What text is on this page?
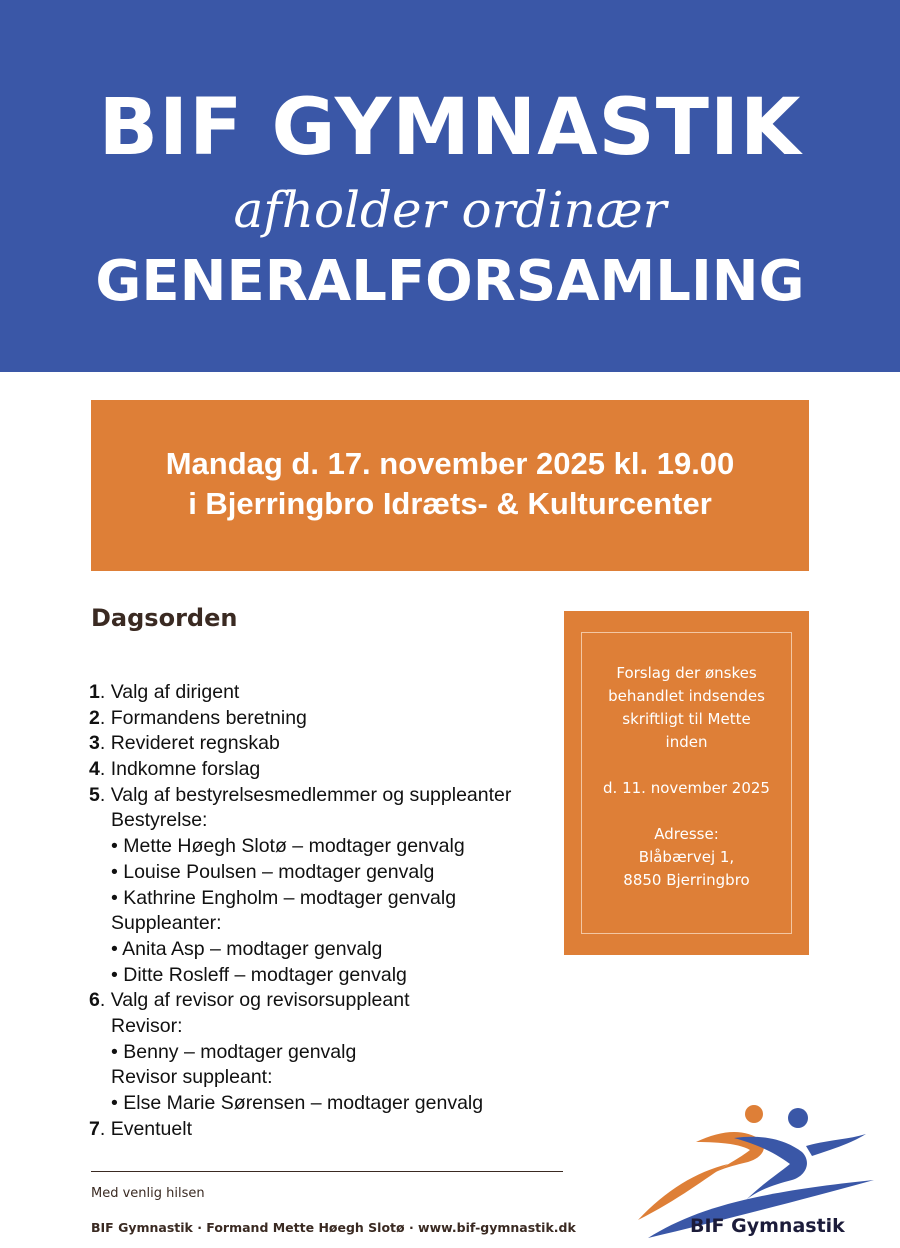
BIF GYMNASTIK
afholder ordinær
GENERALFORSAMLING
Mandag d. 17. november 2025 kl. 19.00
i Bjerringbro Idræts- & Kulturcenter
Dagsorden
1. Valg af dirigent
2. Formandens beretning
3. Revideret regnskab
4. Indkomne forslag
5. Valg af bestyrelsesmedlemmer og suppleanter
Bestyrelse:
• Mette Høegh Slotø – modtager genvalg
• Louise Poulsen – modtager genvalg
• Kathrine Engholm – modtager genvalg
Suppleanter:
• Anita Asp – modtager genvalg
• Ditte Rosleff – modtager genvalg
6. Valg af revisor og revisorsuppleant
Revisor:
• Benny – modtager genvalg
Revisor suppleant:
• Else Marie Sørensen – modtager genvalg
7. Eventuelt
Forslag der ønskes
behandlet indsendes
skriftligt til Mette
inden
d. 11. november 2025
Adresse:
Blåbærvej 1,
8850 Bjerringbro
Med venlig hilsen
BIF Gymnastik · Formand Mette Høegh Slotø · www.bif-gymnastik.dk	BIF Gymnastik
